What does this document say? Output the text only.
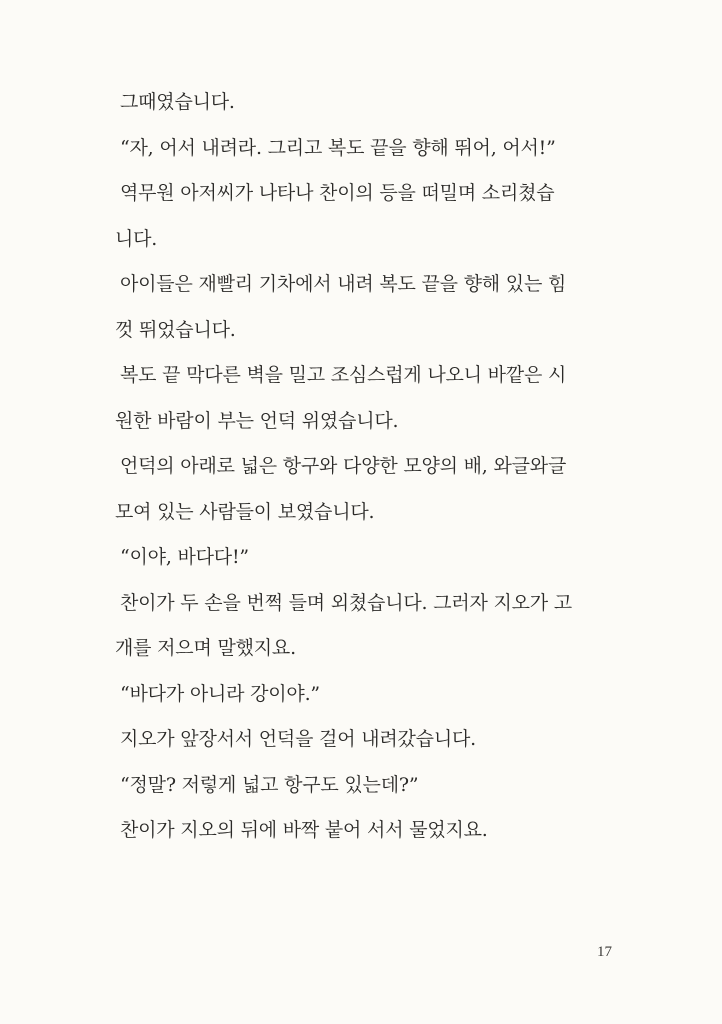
그때였습니다.
“자, 어서 내려라. 그리고 복도 끝을 향해 뛰어, 어서!”
역무원 아저씨가 나타나 찬이의 등을 떠밀며 소리쳤습
니다.
아이들은 재빨리 기차에서 내려 복도 끝을 향해 있는 힘
껏 뛰었습니다.
복도 끝 막다른 벽을 밀고 조심스럽게 나오니 바깥은 시
원한 바람이 부는 언덕 위였습니다.
언덕의 아래로 넓은 항구와 다양한 모양의 배, 와글와글
모여 있는 사람들이 보였습니다.
“이야, 바다다!”
찬이가 두 손을 번쩍 들며 외쳤습니다. 그러자 지오가 고
개를 저으며 말했지요.
“바다가 아니라 강이야.”
지오가 앞장서서 언덕을 걸어 내려갔습니다.
“정말? 저렇게 넓고 항구도 있는데?”
찬이가 지오의 뒤에 바짝 붙어 서서 물었지요.
17
